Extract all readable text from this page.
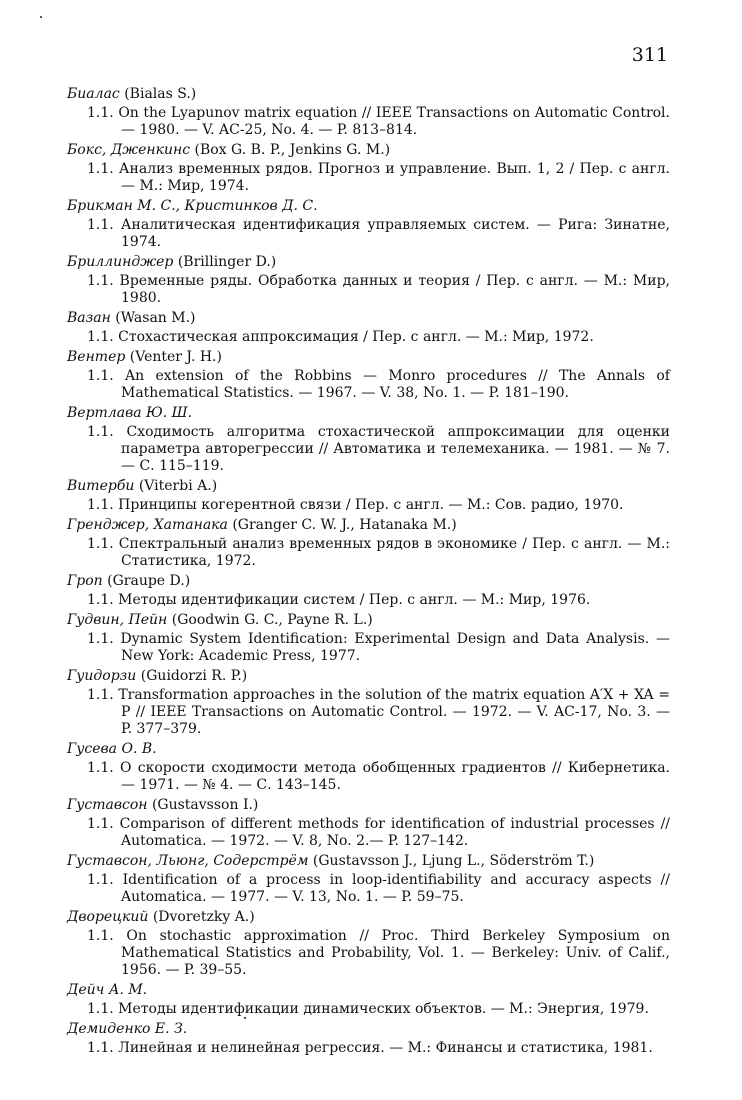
311
Биалас (Bialas S.)
1.1. On the Lyapunov matrix equation // IEEE Transactions on Automatic Control. — 1980. — V. AC-25, No. 4. — P. 813–814.
Бокс, Дженкинс (Box G. B. P., Jenkins G. M.)
1.1. Анализ временных рядов. Прогноз и управление. Вып. 1, 2 / Пер. с англ. — М.: Мир, 1974.
Брикман М. С., Кристинков Д. С.
1.1. Аналитическая идентификация управляемых систем. — Рига: Зинатне, 1974.
Бриллинджер (Brillinger D.)
1.1. Временные ряды. Обработка данных и теория / Пер. с англ. — М.: Мир, 1980.
Вазан (Wasan M.)
1.1. Стохастическая аппроксимация / Пер. с англ. — М.: Мир, 1972.
Вентер (Venter J. H.)
1.1. An extension of the Robbins — Monro procedures // The Annals of Mathematical Statistics. — 1967. — V. 38, No. 1. — P. 181–190.
Вертлава Ю. Ш.
1.1. Сходимость алгоритма стохастической аппроксимации для оценки параметра авторегрессии // Автоматика и телемеханика. — 1981. — № 7. — С. 115–119.
Витерби (Viterbi A.)
1.1. Принципы когерентной связи / Пер. с англ. — М.: Сов. радио, 1970.
Гренджер, Хатанака (Granger C. W. J., Hatanaka M.)
1.1. Спектральный анализ временных рядов в экономике / Пер. с англ. — М.: Статистика, 1972.
Гроп (Graupe D.)
1.1. Методы идентификации систем / Пер. с англ. — М.: Мир, 1976.
Гудвин, Пейн (Goodwin G. C., Payne R. L.)
1.1. Dynamic System Identification: Experimental Design and Data Analysis. — New York: Academic Press, 1977.
Гуидорзи (Guidorzi R. P.)
1.1. Transformation approaches in the solution of the matrix equation A′X + XA = P // IEEE Transactions on Automatic Control. — 1972. — V. AC-17, No. 3. — P. 377–379.
Гусева О. В.
1.1. О скорости сходимости метода обобщенных градиентов // Кибернетика. — 1971. — № 4. — С. 143–145.
Густавсон (Gustavsson I.)
1.1. Comparison of different methods for identification of industrial processes // Automatica. — 1972. — V. 8, No. 2.— P. 127–142.
Густавсон, Льюнг, Содерстрём (Gustavsson J., Ljung L., Söderström T.)
1.1. Identification of a process in loop-identifiability and accuracy aspects // Automatica. — 1977. — V. 13, No. 1. — P. 59–75.
Дворецкий (Dvoretzky A.)
1.1. On stochastic approximation // Proc. Third Berkeley Symposium on Mathematical Statistics and Probability, Vol. 1. — Berkeley: Univ. of Calif., 1956. — P. 39–55.
Дейч А. М.
1.1. Методы идентификации динамических объектов. — М.: Энергия, 1979.
Демиденко Е. З.
1.1. Линейная и нелинейная регрессия. — М.: Финансы и статистика, 1981.
